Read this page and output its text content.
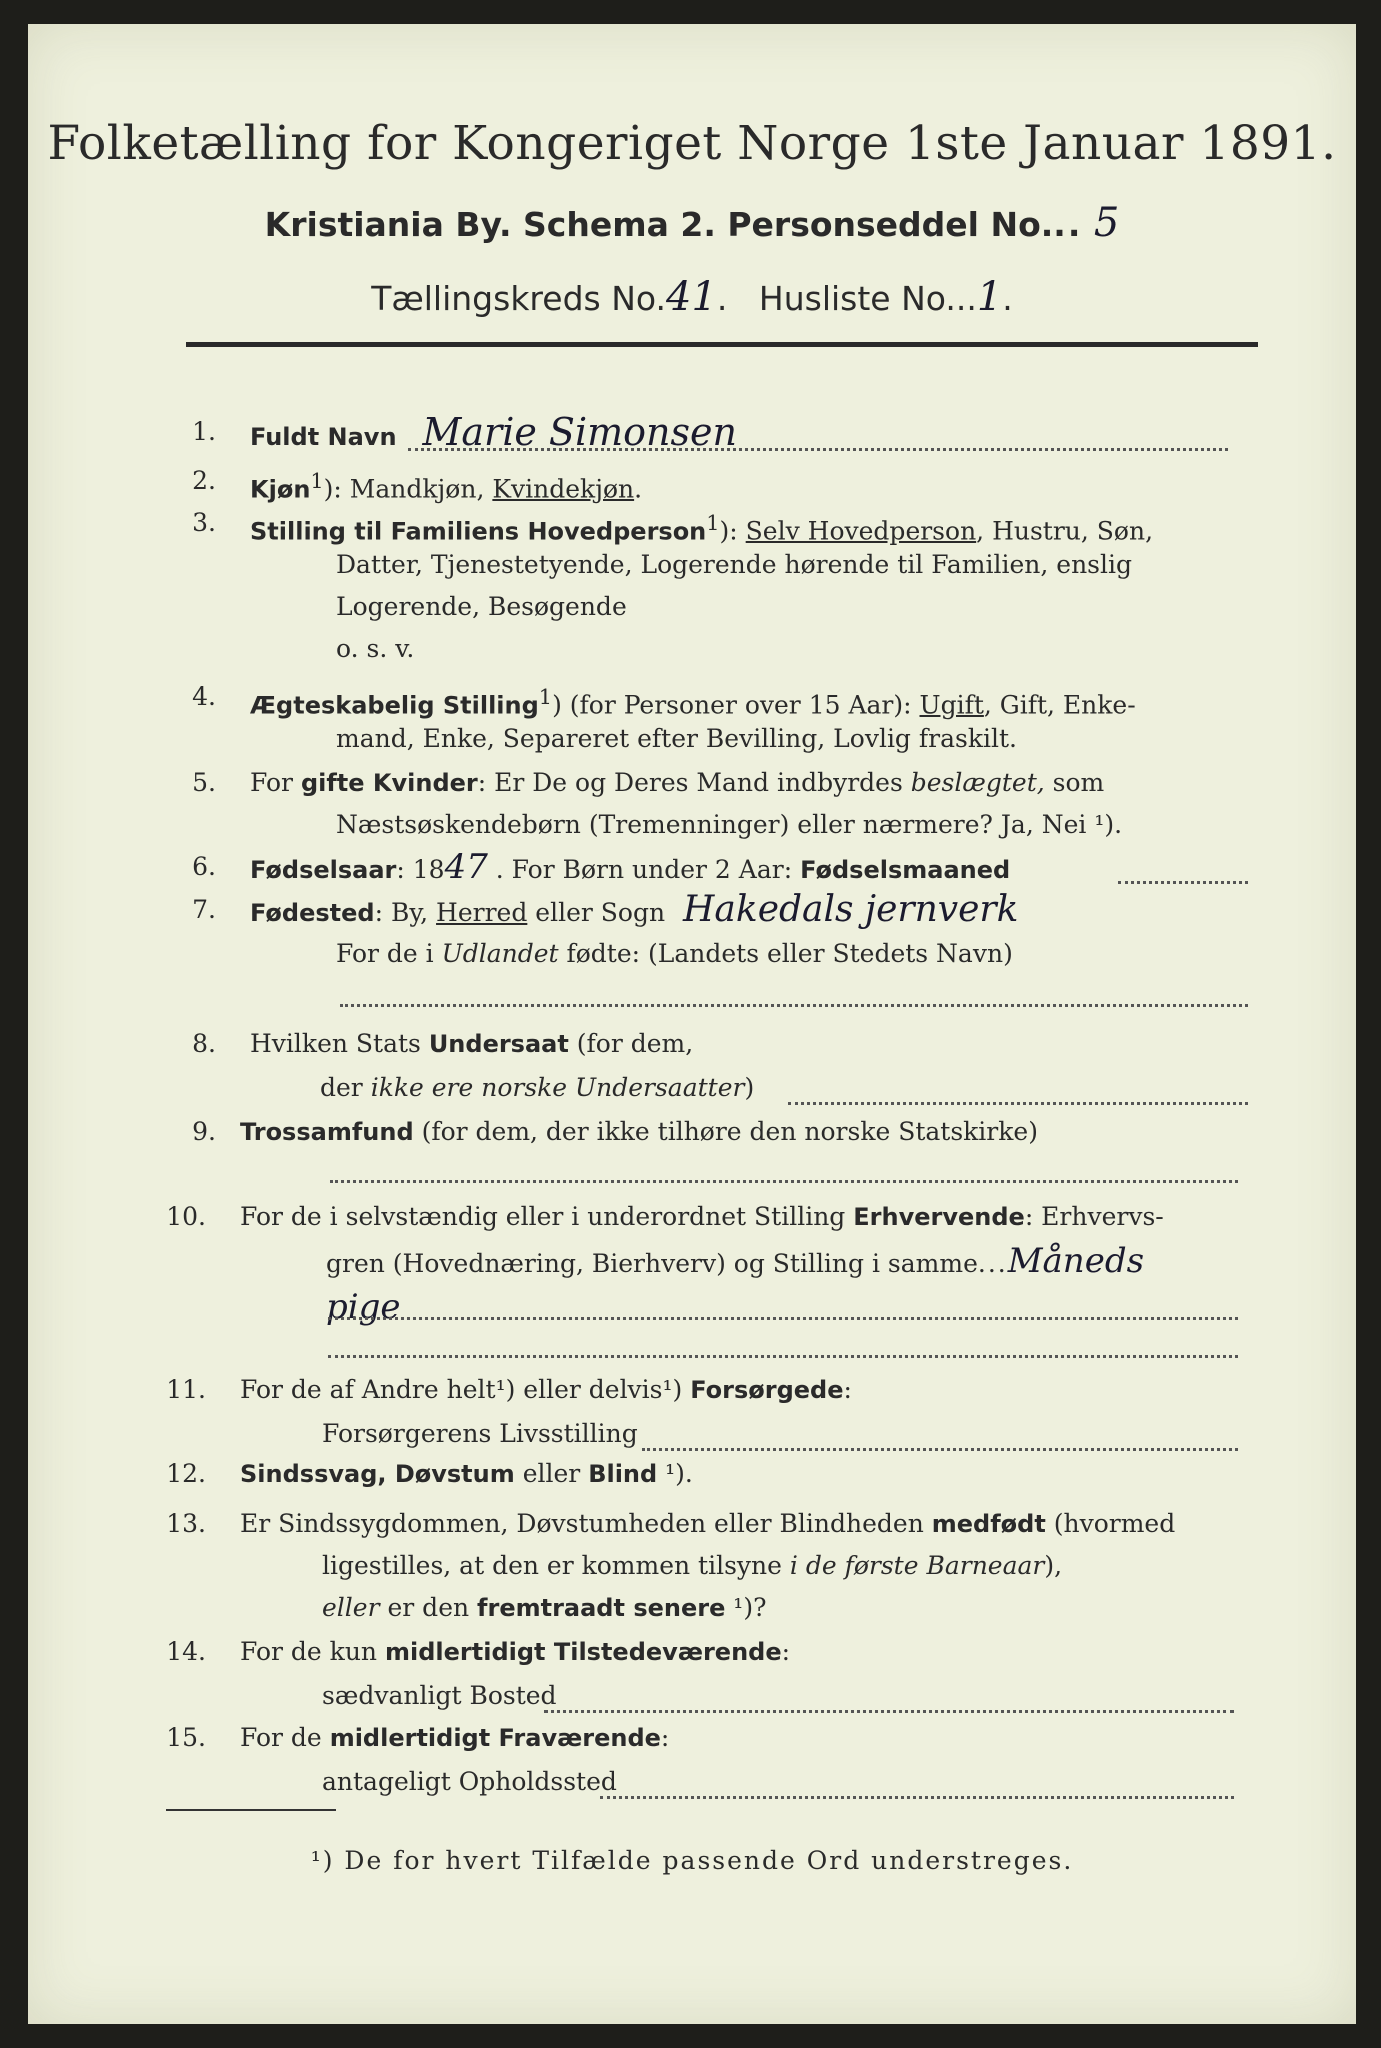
Folketælling for Kongeriget Norge 1ste Januar 1891.
Kristiania By. Schema 2. Personseddel No... 5
Tællingskreds No.41. Husliste No...1.
1. Fuldt Navn Marie Simonsen
2. Kjøn$^1$): Mandkjøn, Kvindekjøn.
3. Stilling til Familiens Hovedperson$^1$): Selv Hovedperson, Hustru, Søn,
Datter, Tjenestetyende, Logerende hørende til Familien, enslig
Logerende, Besøgende
o. s. v.
4. Ægteskabelig Stilling$^1$) (for Personer over 15 Aar): Ugift, Gift, Enke-
mand, Enke, Separeret efter Bevilling, Lovlig fraskilt.
5. For gifte Kvinder: Er De og Deres Mand indbyrdes beslægtet, som
Næstsøskendebørn (Tremenninger) eller nærmere? Ja, Nei ¹).
6. Fødselsaar: 1847 . For Børn under 2 Aar: Fødselsmaaned
7. Fødested: By, Herred eller Sogn Hakedals jernverk
For de i Udlandet fødte: (Landets eller Stedets Navn)
8. Hvilken Stats Undersaat (for dem,
der ikke ere norske Undersaatter)
9. Trossamfund (for dem, der ikke tilhøre den norske Statskirke)
10. For de i selvstændig eller i underordnet Stilling Erhvervende: Erhvervs-
gren (Hovednæring, Bierhverv) og Stilling i samme...Måneds
pige
11. For de af Andre helt¹) eller delvis¹) Forsørgede:
Forsørgerens Livsstilling
12. Sindssvag, Døvstum eller Blind ¹).
13. Er Sindssygdommen, Døvstumheden eller Blindheden medfødt (hvormed
ligestilles, at den er kommen tilsyne i de første Barneaar),
eller er den fremtraadt senere ¹)?
14. For de kun midlertidigt Tilstedeværende:
sædvanligt Bosted
15. For de midlertidigt Fraværende:
antageligt Opholdssted
¹) De for hvert Tilfælde passende Ord understreges.
